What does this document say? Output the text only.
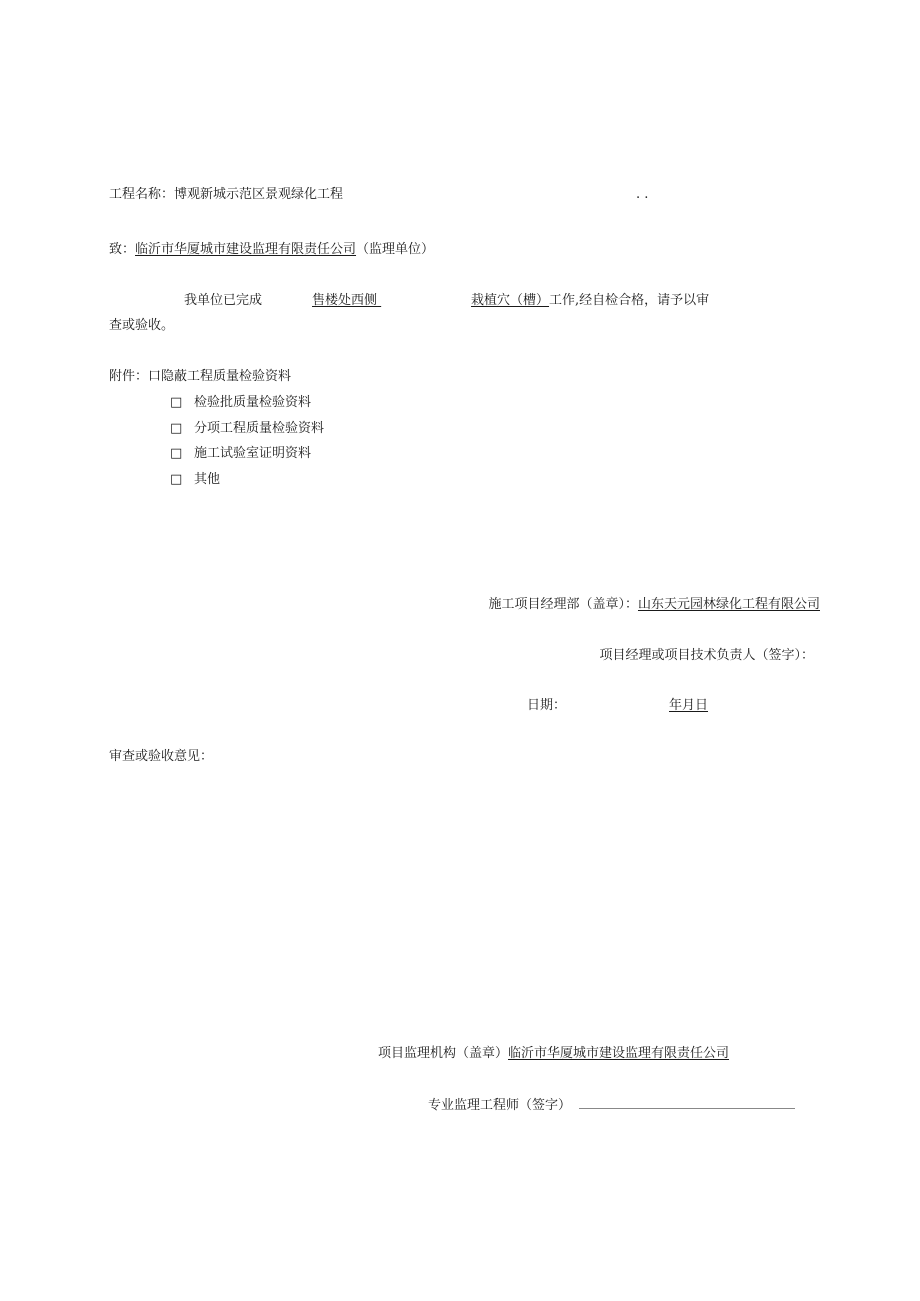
工程名称：博观新城示范区景观绿化工程	. .
致：临沂市华厦城市建设监理有限责任公司（监理单位）
我单位已完成	售楼处西侧	栽植穴（槽）工作,经自检合格，请予以审
查或验收。
附件：口隐蔽工程质量检验资料
□ 检验批质量检验资料
□ 分项工程质量检验资料
□ 施工试验室证明资料
□ 其他
施工项目经理部（盖章）：山东天元园林绿化工程有限公司
项目经理或项目技术负责人（签字）：
日期：	年月日
审查或验收意见：
项目监理机构（盖章）临沂市华厦城市建设监理有限责任公司
专业监理工程师（签字）
